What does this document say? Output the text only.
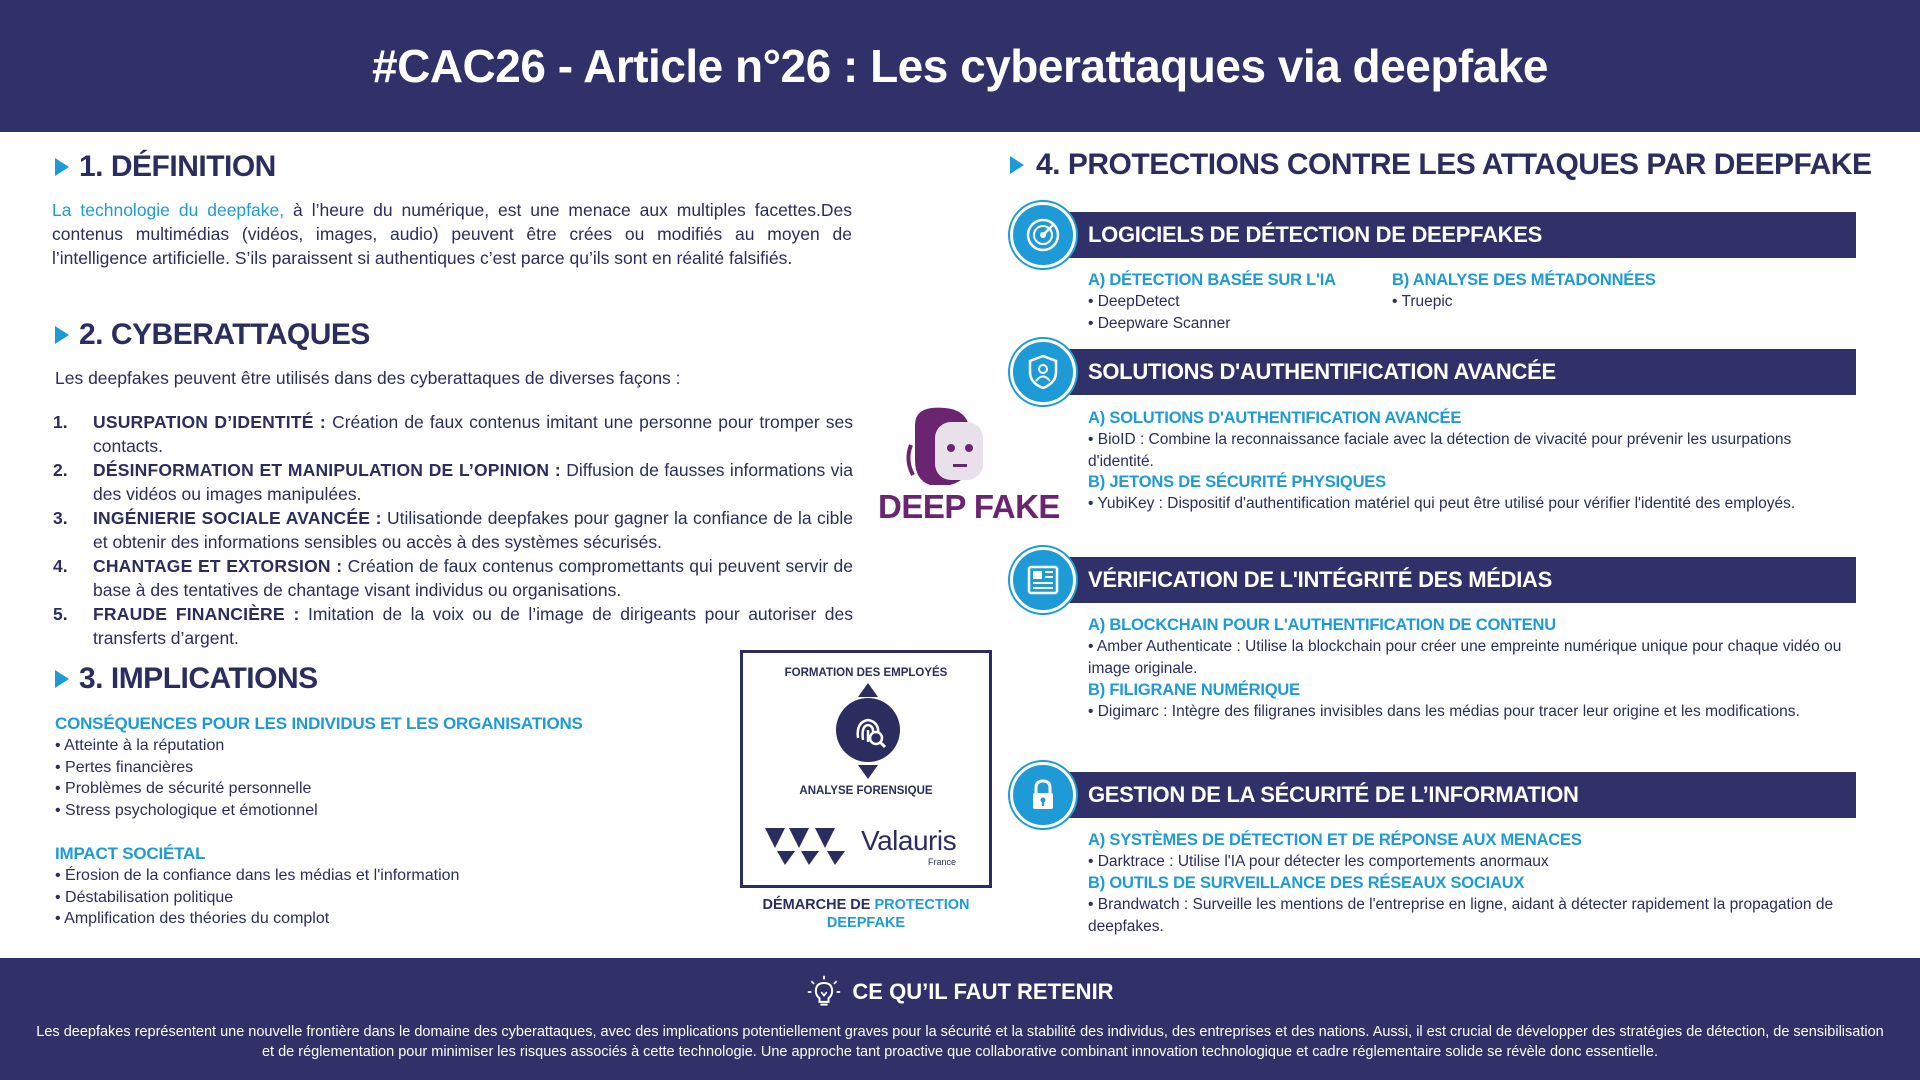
#CAC26 - Article n°26 : Les cyberattaques via deepfake
1. DÉFINITION

La technologie du deepfake, à l’heure du numérique, est une menace aux multiples facettes.Des contenus multimédias (vidéos, images, audio) peuvent être crées ou modifiés au moyen de l’intelligence artificielle. S’ils paraissent si authentiques c’est parce qu’ils sont en réalité falsifiés.

2. CYBERATTAQUES
Les deepfakes peuvent être utilisés dans des cyberattaques de diverses façons :
1.	USURPATION D’IDENTITÉ : Création de faux contenus imitant une personne pour tromper ses contacts.
2.	DÉSINFORMATION ET MANIPULATION DE L’OPINION : Diffusion de fausses informations via des vidéos ou images manipulées.
3.	INGÉNIERIE SOCIALE AVANCÉE : Utilisationde deepfakes pour gagner la confiance de la cible et obtenir des informations sensibles ou accès à des systèmes sécurisés.
4.	CHANTAGE ET EXTORSION : Création de faux contenus compromettants qui peuvent servir de base à des tentatives de chantage visant individus ou organisations.
5.	FRAUDE FINANCIÈRE : Imitation de la voix ou de l’image de dirigeants pour autoriser des transferts d’argent.
DEEP FAKE
3. IMPLICATIONS
CONSÉQUENCES POUR LES INDIVIDUS ET LES ORGANISATIONS
• Atteinte à la réputation
• Pertes financières
• Problèmes de sécurité personnelle
• Stress psychologique et émotionnel
IMPACT SOCIÉTAL
• Érosion de la confiance dans les médias et l'information
• Déstabilisation politique
• Amplification des théories du complot
FORMATION DES EMPLOYÉS
ANALYSE FORENSIQUE
Valauris
France
DÉMARCHE DE PROTECTION DEEPFAKE
4. PROTECTIONS CONTRE LES ATTAQUES PAR DEEPFAKE
LOGICIELS DE DÉTECTION DE DEEPFAKES
A) DÉTECTION BASÉE SUR L'IA
• DeepDetect
• Deepware Scanner
B) ANALYSE DES MÉTADONNÉES
• Truepic
SOLUTIONS D'AUTHENTIFICATION AVANCÉE
A) SOLUTIONS D'AUTHENTIFICATION AVANCÉE
• BioID : Combine la reconnaissance faciale avec la détection de vivacité pour prévenir les usurpations d'identité.
B) JETONS DE SÉCURITÉ PHYSIQUES
• YubiKey : Dispositif d'authentification matériel qui peut être utilisé pour vérifier l'identité des employés.
VÉRIFICATION DE L'INTÉGRITÉ DES MÉDIAS
A) BLOCKCHAIN POUR L'AUTHENTIFICATION DE CONTENU
• Amber Authenticate : Utilise la blockchain pour créer une empreinte numérique unique pour chaque vidéo ou image originale.
B) FILIGRANE NUMÉRIQUE
• Digimarc : Intègre des filigranes invisibles dans les médias pour tracer leur origine et les modifications.
GESTION DE LA SÉCURITÉ DE L’INFORMATION
A) SYSTÈMES DE DÉTECTION ET DE RÉPONSE AUX MENACES
• Darktrace : Utilise l'IA pour détecter les comportements anormaux
B) OUTILS DE SURVEILLANCE DES RÉSEAUX SOCIAUX
• Brandwatch : Surveille les mentions de l'entreprise en ligne, aidant à détecter rapidement la propagation de deepfakes.
CE QU’IL FAUT RETENIR

Les deepfakes représentent une nouvelle frontière dans le domaine des cyberattaques, avec des implications potentiellement graves pour la sécurité et la stabilité des individus, des entreprises et des nations. Aussi, il est crucial de développer des stratégies de détection, de sensibilisation et de réglementation pour minimiser les risques associés à cette technologie. Une approche tant proactive que collaborative combinant innovation technologique et cadre réglementaire solide se révèle donc essentielle.
